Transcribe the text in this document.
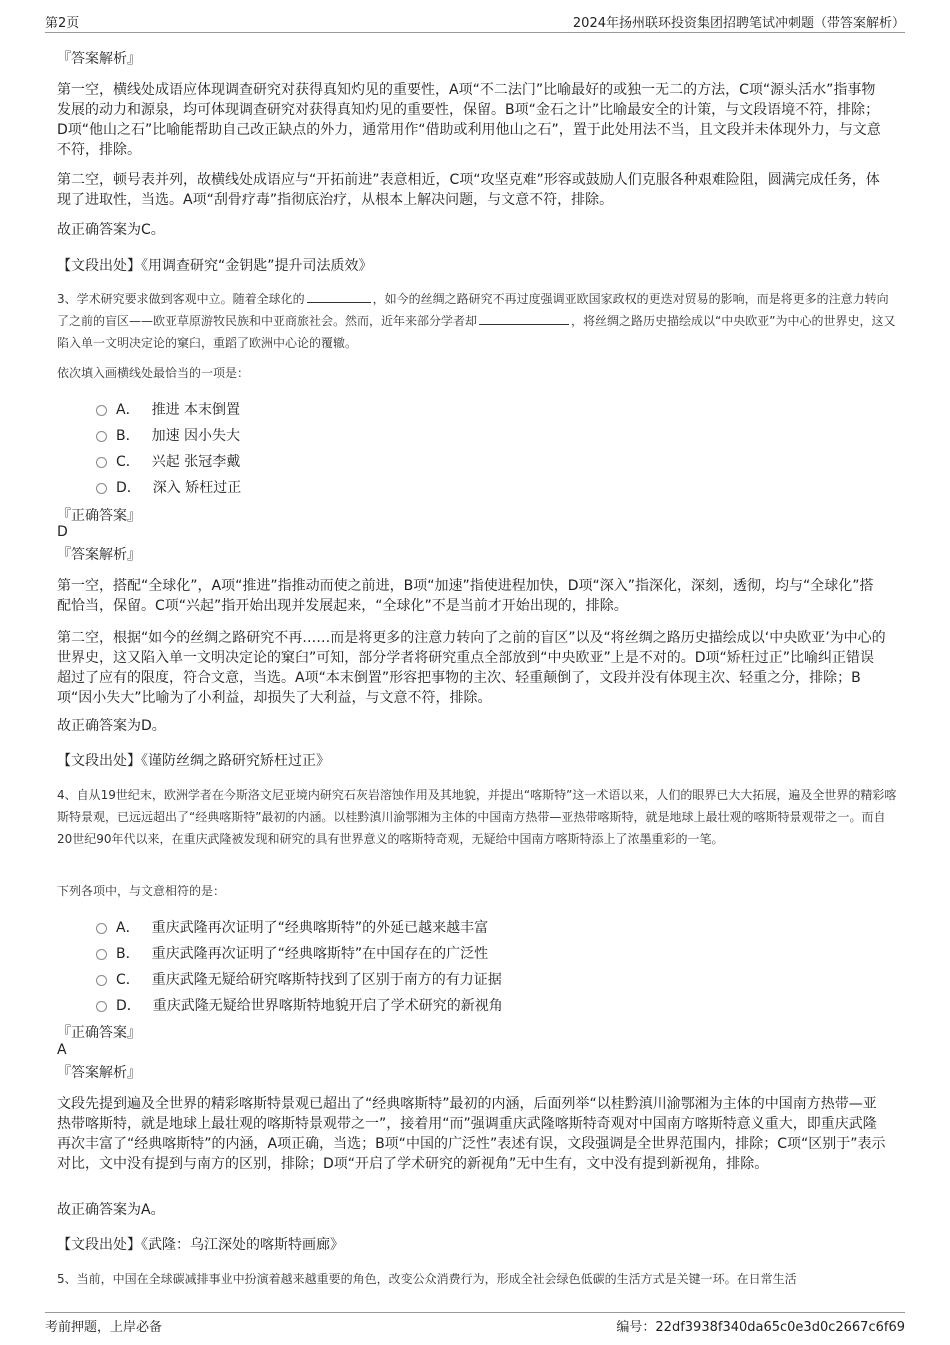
第2页	2024年扬州联环投资集团招聘笔试冲刺题（带答案解析）
『答案解析』

第一空，横线处成语应体现调查研究对获得真知灼见的重要性，A项“不二法门”比喻最好的或独一无二的方法，C项“源头活水”指事物发展的动力和源泉，均可体现调查研究对获得真知灼见的重要性，保留。B项“金石之计”比喻最安全的计策，与文段语境不符，排除；D项“他山之石”比喻能帮助自己改正缺点的外力，通常用作“借助或利用他山之石”，置于此处用法不当，且文段并未体现外力，与文意不符，排除。

第二空，顿号表并列，故横线处成语应与“开拓前进”表意相近，C项“攻坚克难”形容或鼓励人们克服各种艰难险阻，圆满完成任务，体现了进取性，当选。A项“刮骨疗毒”指彻底治疗，从根本上解决问题，与文意不符，排除。

故正确答案为C。

【文段出处】《用调查研究“金钥匙”提升司法质效》

3、学术研究要求做到客观中立。随着全球化的	，如今的丝绸之路研究不再过度强调亚欧国家政权的更迭对贸易的影响，而是将更多的注意力转向了之前的盲区——欧亚草原游牧民族和中亚商旅社会。然而，近年来部分学者却	，将丝绸之路历史描绘成以“中央欧亚”为中心的世界史，这又陷入单一文明决定论的窠臼，重蹈了欧洲中心论的覆辙。

依次填入画横线处最恰当的一项是：

A． 推进 本末倒置
B． 加速 因小失大
C． 兴起 张冠李戴
D． 深入 矫枉过正
『正确答案』
D
『答案解析』

第一空，搭配“全球化”，A项“推进”指推动而使之前进，B项“加速”指使进程加快，D项“深入”指深化，深刻，透彻，均与“全球化”搭配恰当，保留。C项“兴起”指开始出现并发展起来，“全球化”不是当前才开始出现的，排除。

第二空，根据“如今的丝绸之路研究不再……而是将更多的注意力转向了之前的盲区”以及“将丝绸之路历史描绘成以‘中央欧亚’为中心的世界史，这又陷入单一文明决定论的窠臼”可知，部分学者将研究重点全部放到“中央欧亚”上是不对的。D项“矫枉过正”比喻纠正错误超过了应有的限度，符合文意，当选。A项“本末倒置”形容把事物的主次、轻重颠倒了，文段并没有体现主次、轻重之分，排除；B项“因小失大”比喻为了小利益，却损失了大利益，与文意不符，排除。

故正确答案为D。

【文段出处】《谨防丝绸之路研究矫枉过正》

4、自从19世纪末，欧洲学者在今斯洛文尼亚境内研究石灰岩溶蚀作用及其地貌，并提出“喀斯特”这一术语以来，人们的眼界已大大拓展，遍及全世界的精彩喀斯特景观，已远远超出了“经典喀斯特”最初的内涵。以桂黔滇川渝鄂湘为主体的中国南方热带—亚热带喀斯特，就是地球上最壮观的喀斯特景观带之一。而自20世纪90年代以来，在重庆武隆被发现和研究的具有世界意义的喀斯特奇观，无疑给中国南方喀斯特添上了浓墨重彩的一笔。

下列各项中，与文意相符的是：

A． 重庆武隆再次证明了“经典喀斯特”的外延已越来越丰富
B． 重庆武隆再次证明了“经典喀斯特”在中国存在的广泛性
C． 重庆武隆无疑给研究喀斯特找到了区别于南方的有力证据
D． 重庆武隆无疑给世界喀斯特地貌开启了学术研究的新视角
『正确答案』
A
『答案解析』

文段先提到遍及全世界的精彩喀斯特景观已超出了“经典喀斯特”最初的内涵，后面列举“以桂黔滇川渝鄂湘为主体的中国南方热带—亚热带喀斯特，就是地球上最壮观的喀斯特景观带之一”，接着用“而”强调重庆武隆喀斯特奇观对中国南方喀斯特意义重大，即重庆武隆再次丰富了“经典喀斯特”的内涵，A项正确，当选；B项“中国的广泛性”表述有误，文段强调是全世界范围内，排除；C项“区别于”表示对比，文中没有提到与南方的区别，排除；D项“开启了学术研究的新视角”无中生有，文中没有提到新视角，排除。

故正确答案为A。

【文段出处】《武隆：乌江深处的喀斯特画廊》

5、当前，中国在全球碳减排事业中扮演着越来越重要的角色，改变公众消费行为，形成全社会绿色低碳的生活方式是关键一环。在日常生活

考前押题，上岸必备	编号：22df3938f340da65c0e3d0c2667c6f69
